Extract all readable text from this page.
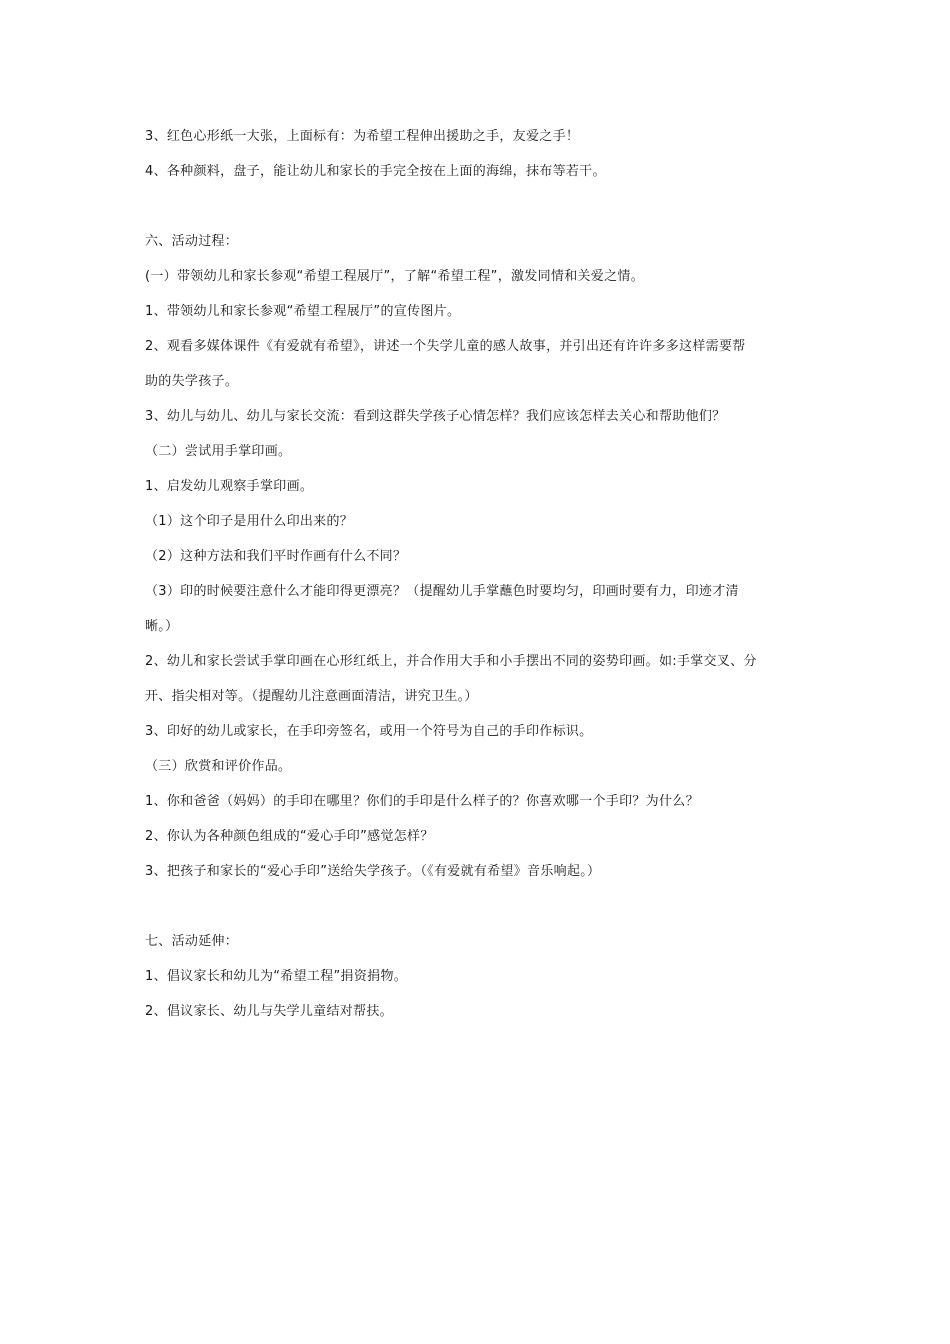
3、红色心形纸一大张，上面标有：为希望工程伸出援助之手，友爱之手！
4、各种颜料，盘子，能让幼儿和家长的手完全按在上面的海绵，抹布等若干。
六、活动过程：
(一）带领幼儿和家长参观“希望工程展厅”，了解“希望工程”，激发同情和关爱之情。
1、带领幼儿和家长参观“希望工程展厅”的宣传图片。
2、观看多媒体课件《有爱就有希望》，讲述一个失学儿童的感人故事，并引出还有许许多多这样需要帮
助的失学孩子。
3、幼儿与幼儿、幼儿与家长交流：看到这群失学孩子心情怎样？我们应该怎样去关心和帮助他们？
（二）尝试用手掌印画。
1、启发幼儿观察手掌印画。
（1）这个印子是用什么印出来的？
（2）这种方法和我们平时作画有什么不同？
（3）印的时候要注意什么才能印得更漂亮？（提醒幼儿手掌蘸色时要均匀，印画时要有力，印迹才清
晰。）
2、幼儿和家长尝试手掌印画在心形红纸上，并合作用大手和小手摆出不同的姿势印画。如:手掌交叉、分
开、指尖相对等。（提醒幼儿注意画面清洁，讲究卫生。）
3、印好的幼儿或家长，在手印旁签名，或用一个符号为自己的手印作标识。
（三）欣赏和评价作品。
1、你和爸爸（妈妈）的手印在哪里？你们的手印是什么样子的？你喜欢哪一个手印？为什么？
2、你认为各种颜色组成的“爱心手印”感觉怎样？
3、把孩子和家长的“爱心手印”送给失学孩子。（《有爱就有希望》音乐响起。）
七、活动延伸：
1、倡议家长和幼儿为“希望工程”捐资捐物。
2、倡议家长、幼儿与失学儿童结对帮扶。
